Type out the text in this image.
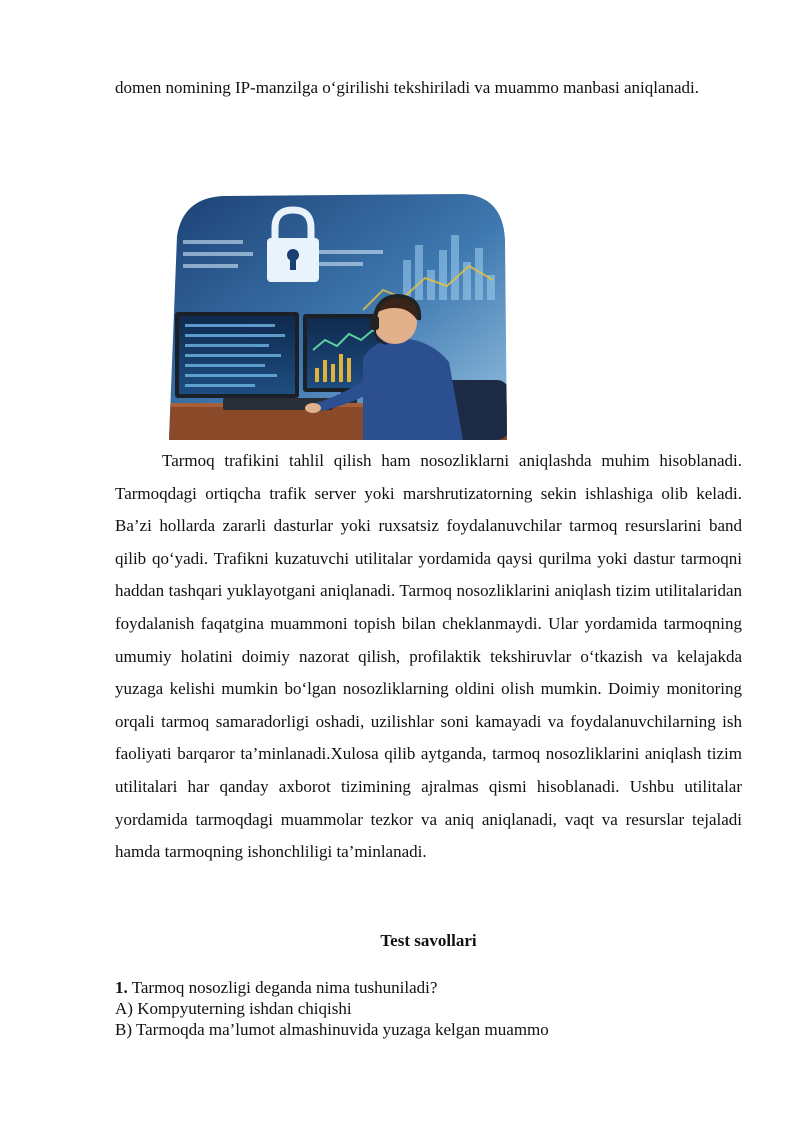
domen nomining IP-manzilga o‘girilishi tekshiriladi va muammo manbasi aniqlanadi.

Tarmoq trafikini tahlil qilish ham nosozliklarni aniqlashda muhim hisoblanadi. Tarmoqdagi ortiqcha trafik server yoki marshrutizatorning sekin ishlashiga olib keladi. Ba’zi hollarda zararli dasturlar yoki ruxsatsiz foydalanuvchilar tarmoq resurslarini band qilib qo‘yadi. Trafikni kuzatuvchi utilitalar yordamida qaysi qurilma yoki dastur tarmoqni haddan tashqari yuklayotgani aniqlanadi. Tarmoq nosozliklarini aniqlash tizim utilitalaridan foydalanish faqatgina muammoni topish bilan cheklanmaydi. Ular yordamida tarmoqning umumiy holatini doimiy nazorat qilish, profilaktik tekshiruvlar o‘tkazish va kelajakda yuzaga kelishi mumkin bo‘lgan nosozliklarning oldini olish mumkin. Doimiy monitoring orqali tarmoq samaradorligi oshadi, uzilishlar soni kamayadi va foydalanuvchilarning ish faoliyati barqaror ta’minlanadi.Xulosa qilib aytganda, tarmoq nosozliklarini aniqlash tizim utilitalari har qanday axborot tizimining ajralmas qismi hisoblanadi. Ushbu utilitalar yordamida tarmoqdagi muammolar tezkor va aniq aniqlanadi, vaqt va resurslar tejaladi hamda tarmoqning ishonchliligi ta’minlanadi.

Test savollari

1. Tarmoq nosozligi deganda nima tushuniladi?

A) Kompyuterning ishdan chiqishi

B) Tarmoqda ma’lumot almashinuvida yuzaga kelgan muammo
